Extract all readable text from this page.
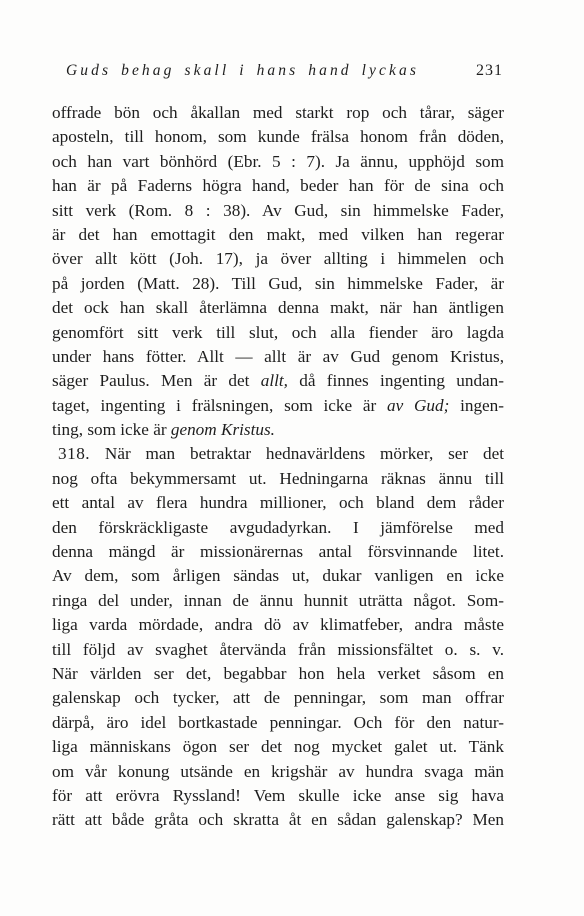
Guds behag skall i hans hand lyckas	231
offrade bön och åkallan med starkt rop och tårar, säger
aposteln, till honom, som kunde frälsa honom från döden,
och han vart bönhörd (Ebr. 5 : 7). Ja ännu, upphöjd som
han är på Faderns högra hand, beder han för de sina och
sitt verk (Rom. 8 : 38). Av Gud, sin himmelske Fader,
är det han emottagit den makt, med vilken han regerar
över allt kött (Joh. 17), ja över allting i himmelen och
på jorden (Matt. 28). Till Gud, sin himmelske Fader, är
det ock han skall återlämna denna makt, när han äntligen
genomfört sitt verk till slut, och alla fiender äro lagda
under hans fötter. Allt — allt är av Gud genom Kristus,
säger Paulus. Men är det allt, då finnes ingenting undan-
taget, ingenting i frälsningen, som icke är av Gud; ingen-
ting, som icke är genom Kristus.
318. När man betraktar hednavärldens mörker, ser det
nog ofta bekymmersamt ut. Hedningarna räknas ännu till
ett antal av flera hundra millioner, och bland dem råder
den förskräckligaste avgudadyrkan. I jämförelse med
denna mängd är missionärernas antal försvinnande litet.
Av dem, som årligen sändas ut, dukar vanligen en icke
ringa del under, innan de ännu hunnit uträtta något. Som-
liga varda mördade, andra dö av klimatfeber, andra måste
till följd av svaghet återvända från missionsfältet o. s. v.
När världen ser det, begabbar hon hela verket såsom en
galenskap och tycker, att de penningar, som man offrar
därpå, äro idel bortkastade penningar. Och för den natur-
liga människans ögon ser det nog mycket galet ut. Tänk
om vår konung utsände en krigshär av hundra svaga män
för att erövra Ryssland! Vem skulle icke anse sig hava
rätt att både gråta och skratta åt en sådan galenskap? Men
